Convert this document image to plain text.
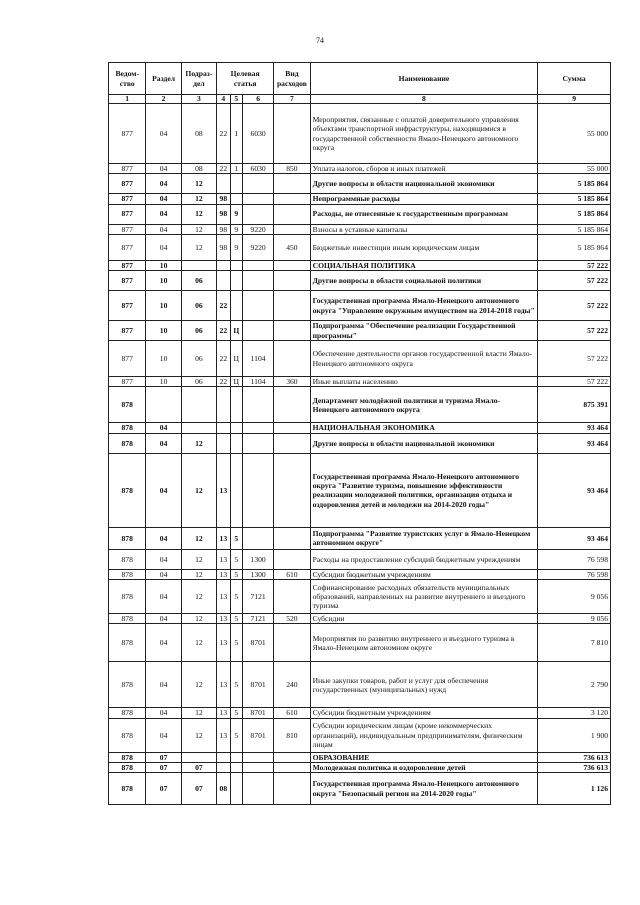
74
Ведом-ство	Раздел	Подраз-дел	Целевая статья			Вид расходов	Наименование	Сумма
1	2	3	4	5	6	7	8	9
877	04	08	22	1	6030		Мероприятия, связанные с оплатой доверительного управления объектами транспортной инфраструктуры, находящимися в государственной собственности Ямало-Ненецкого автономного округа	55 000
877	04	08	22	1	6030	850	Уплата налогов, сборов и иных платежей	55 000
877	04	12					Другие вопросы в области национальной экономики	5 185 864
877	04	12	98				Непрограммные расходы	5 185 864
877	04	12	98	9			Расходы, не отнесенные к государственным программам	5 185 864
877	04	12	98	9	9220		Взносы в уставные капиталы	5 185 864
877	04	12	98	9	9220	450	Бюджетные инвестиции иным юридическим лицам	5 185 864
877	10						СОЦИАЛЬНАЯ ПОЛИТИКА	57 222
877	10	06					Другие вопросы в области социальной политики	57 222
877	10	06	22				Государственная программа Ямало-Ненецкого автономного округа "Управление окружным имуществом на 2014-2018 годы"	57 222
877	10	06	22	Ц			Подпрограмма "Обеспечение реализации Государственной программы"	57 222
877	10	06	22	Ц	1104		Обеспечение деятельности органов государственной власти Ямало-Ненецкого автономного округа	57 222
877	10	06	22	Ц	1104	360	Иные выплаты населению	57 222
878							Департамент молодёжной политики и туризма Ямало-Ненецкого автономного округа	875 391
878	04						НАЦИОНАЛЬНАЯ ЭКОНОМИКА	93 464
878	04	12					Другие вопросы в области национальной экономики	93 464
878	04	12	13				Государственная программа Ямало-Ненецкого автономного округа "Развитие туризма, повышение эффективности реализации молодежной политики, организация отдыха и оздоровления детей и молодежи на 2014-2020 годы"	93 464
878	04	12	13	5			Подпрограмма "Развитие туристских услуг в Ямало-Ненецком автономном округе"	93 464
878	04	12	13	5	1300		Расходы на предоставление субсидий бюджетным учреждениям	76 598
878	04	12	13	5	1300	610	Субсидии бюджетным учреждениям	76 598
878	04	12	13	5	7121		Софинансирование расходных обязательств муниципальных образований, направленных на развитие внутреннего и въездного туризма	9 056
878	04	12	13	5	7121	520	Субсидии	9 056
878	04	12	13	5	8701		Мероприятия по развитию внутреннего и въездного туризма в Ямало-Ненецком автономном округе	7 810
878	04	12	13	5	8701	240	Иные закупки товаров, работ и услуг для обеспечения государственных (муниципальных) нужд	2 790
878	04	12	13	5	8701	610	Субсидии бюджетным учреждениям	3 120
878	04	12	13	5	8701	810	Субсидии юридическим лицам (кроме некоммерческих организаций), индивидуальным предпринимателям, физическим лицам	1 900
878	07						ОБРАЗОВАНИЕ	736 613
878	07	07					Молодежная политика и оздоровление детей	736 613
878	07	07	08				Государственная программа Ямало-Ненецкого автономного округа "Безопасный регион на 2014-2020 годы"	1 126
